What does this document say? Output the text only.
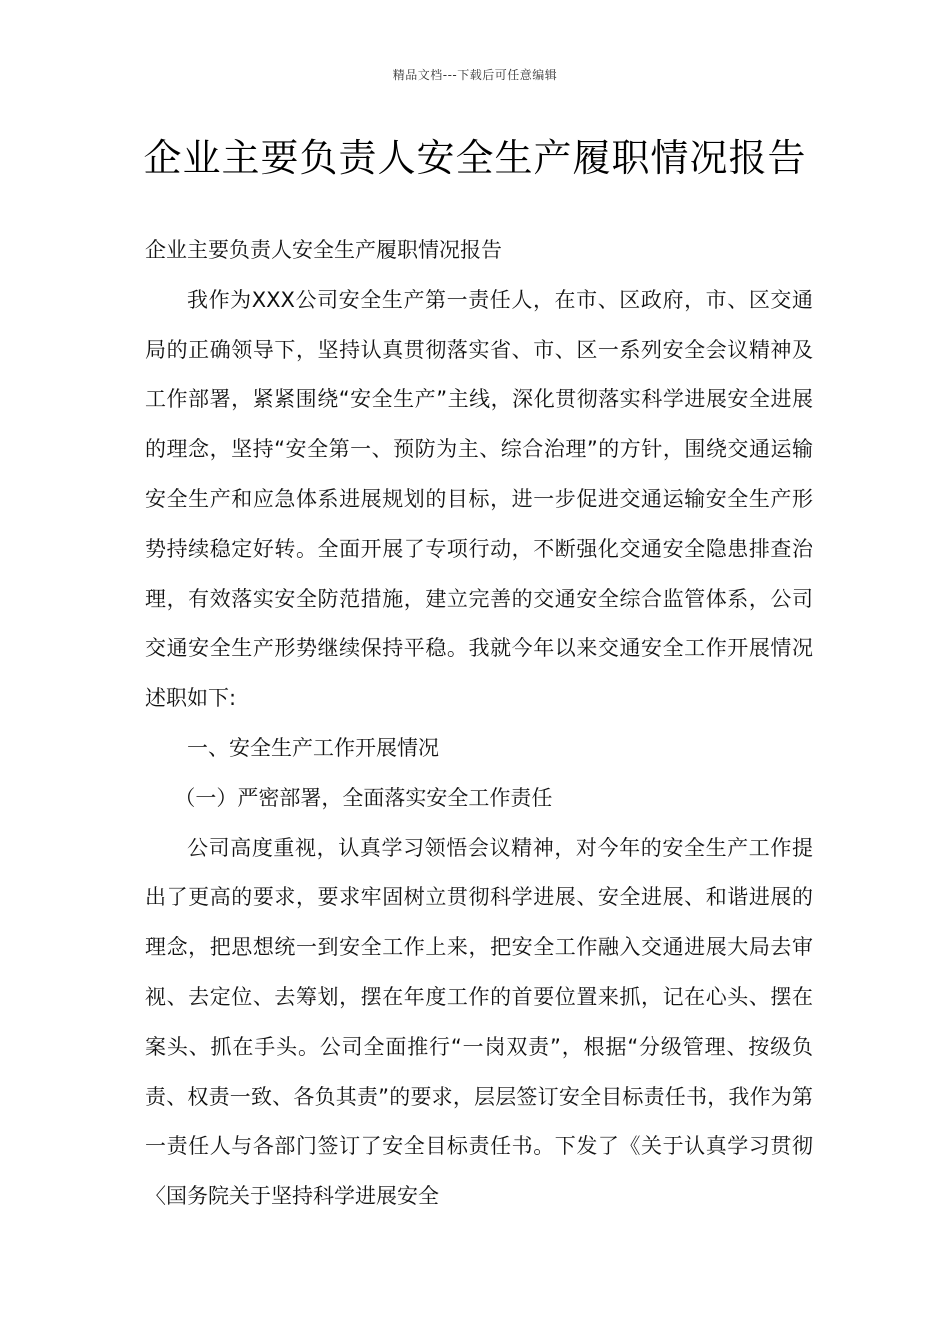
精品文档---下载后可任意编辑
企业主要负责人安全生产履职情况报告

企业主要负责人安全生产履职情况报告

我作为XXX公司安全生产第一责任人，在市、区政府，市、区交通局的正确领导下，坚持认真贯彻落实省、市、区一系列安全会议精神及工作部署，紧紧围绕“安全生产”主线，深化贯彻落实科学进展安全进展的理念，坚持“安全第一、预防为主、综合治理”的方针，围绕交通运输安全生产和应急体系进展规划的目标，进一步促进交通运输安全生产形势持续稳定好转。全面开展了专项行动，不断强化交通安全隐患排查治理，有效落实安全防范措施，建立完善的交通安全综合监管体系，公司交通安全生产形势继续保持平稳。我就今年以来交通安全工作开展情况述职如下:

一、安全生产工作开展情况

（一）严密部署，全面落实安全工作责任

公司高度重视，认真学习领悟会议精神，对今年的安全生产工作提出了更高的要求，要求牢固树立贯彻科学进展、安全进展、和谐进展的理念，把思想统一到安全工作上来，把安全工作融入交通进展大局去审视、去定位、去筹划，摆在年度工作的首要位置来抓，记在心头、摆在案头、抓在手头。公司全面推行“一岗双责”，根据“分级管理、按级负责、权责一致、各负其责”的要求，层层签订安全目标责任书，我作为第一责任人与各部门签订了安全目标责任书。下发了《关于认真学习贯彻〈国务院关于坚持科学进展安全
